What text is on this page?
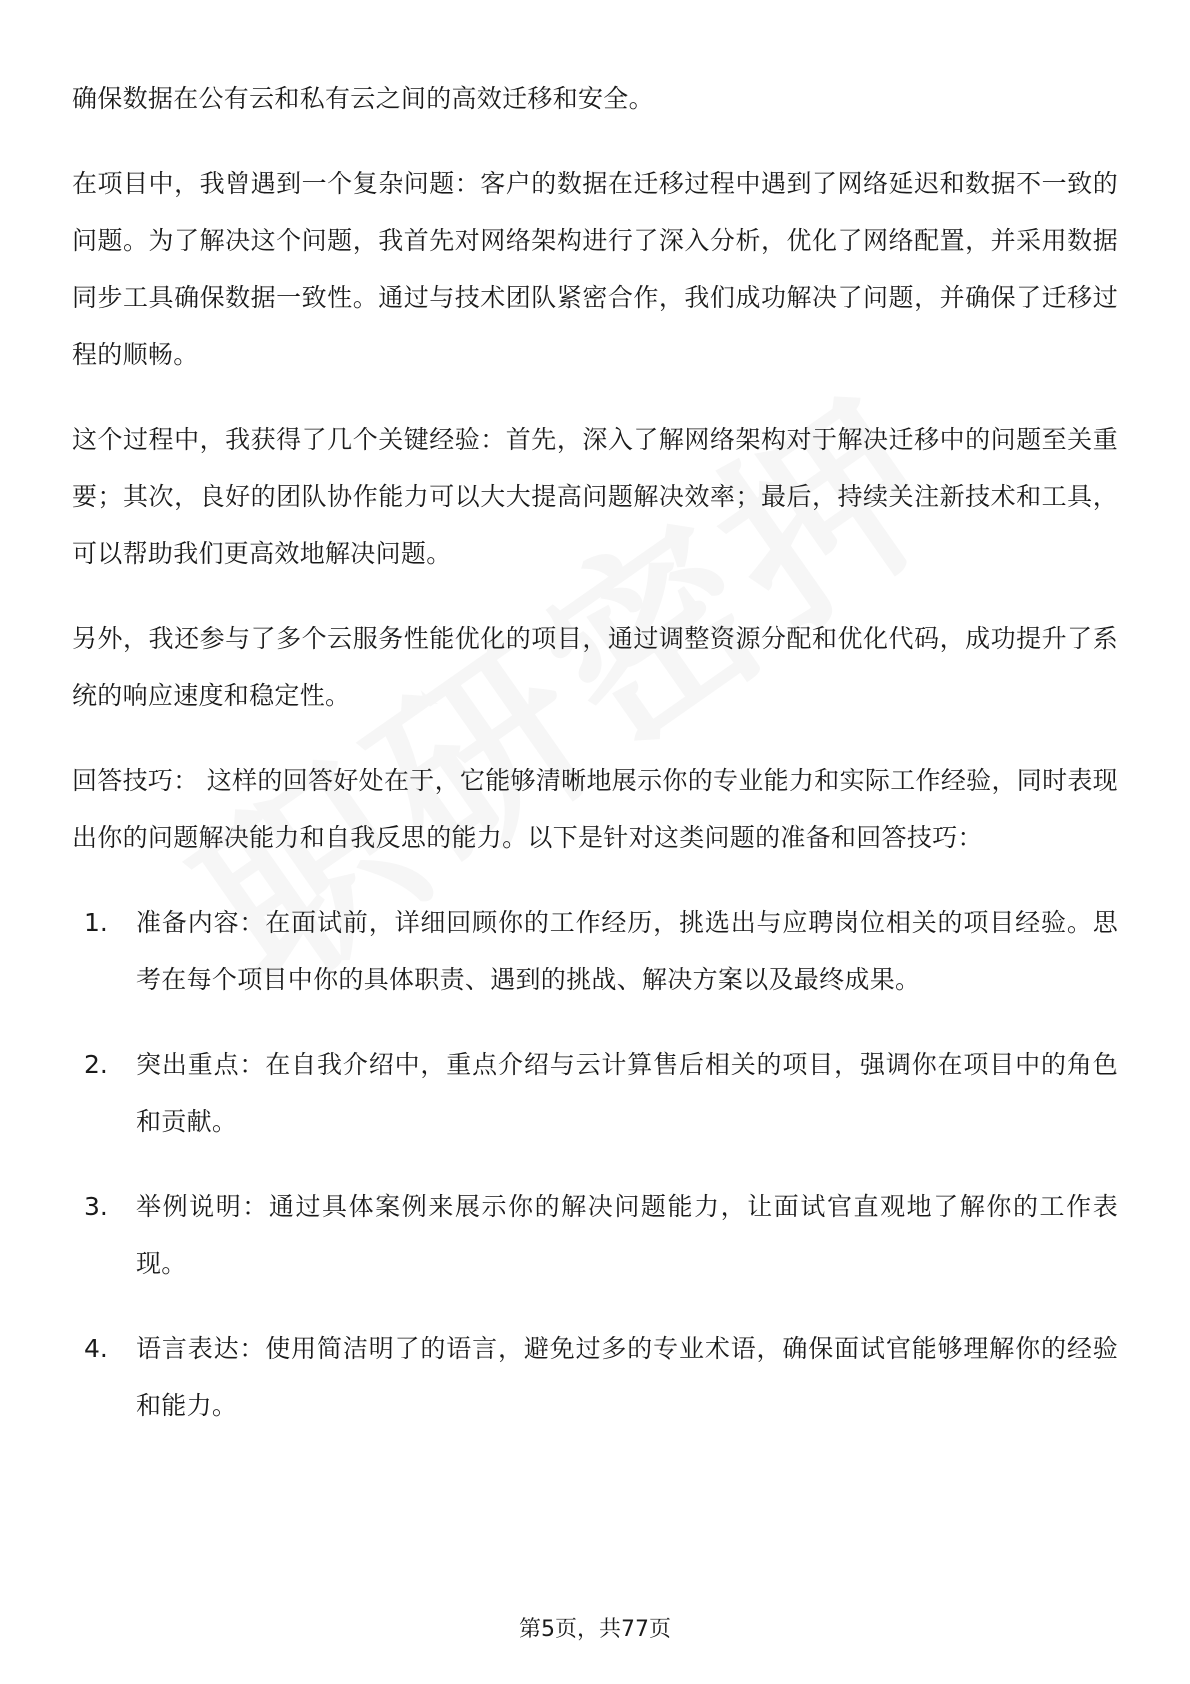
确保数据在公有云和私有云之间的高效迁移和安全。

在项目中，我曾遇到一个复杂问题：客户的数据在迁移过程中遇到了网络延迟和数据不一致的问题。为了解决这个问题，我首先对网络架构进行了深入分析，优化了网络配置，并采用数据同步工具确保数据一致性。通过与技术团队紧密合作，我们成功解决了问题，并确保了迁移过程的顺畅。

这个过程中，我获得了几个关键经验：首先，深入了解网络架构对于解决迁移中的问题至关重要；其次，良好的团队协作能力可以大大提高问题解决效率；最后，持续关注新技术和工具，可以帮助我们更高效地解决问题。

另外，我还参与了多个云服务性能优化的项目，通过调整资源分配和优化代码，成功提升了系统的响应速度和稳定性。

回答技巧： 这样的回答好处在于，它能够清晰地展示你的专业能力和实际工作经验，同时表现出你的问题解决能力和自我反思的能力。以下是针对这类问题的准备和回答技巧：

1.	准备内容：在面试前，详细回顾你的工作经历，挑选出与应聘岗位相关的项目经验。思考在每个项目中你的具体职责、遇到的挑战、解决方案以及最终成果。
2.	突出重点：在自我介绍中，重点介绍与云计算售后相关的项目，强调你在项目中的角色和贡献。
3.	举例说明：通过具体案例来展示你的解决问题能力，让面试官直观地了解你的工作表现。
4.	语言表达：使用简洁明了的语言，避免过多的专业术语，确保面试官能够理解你的经验和能力。
第5页，共77页
